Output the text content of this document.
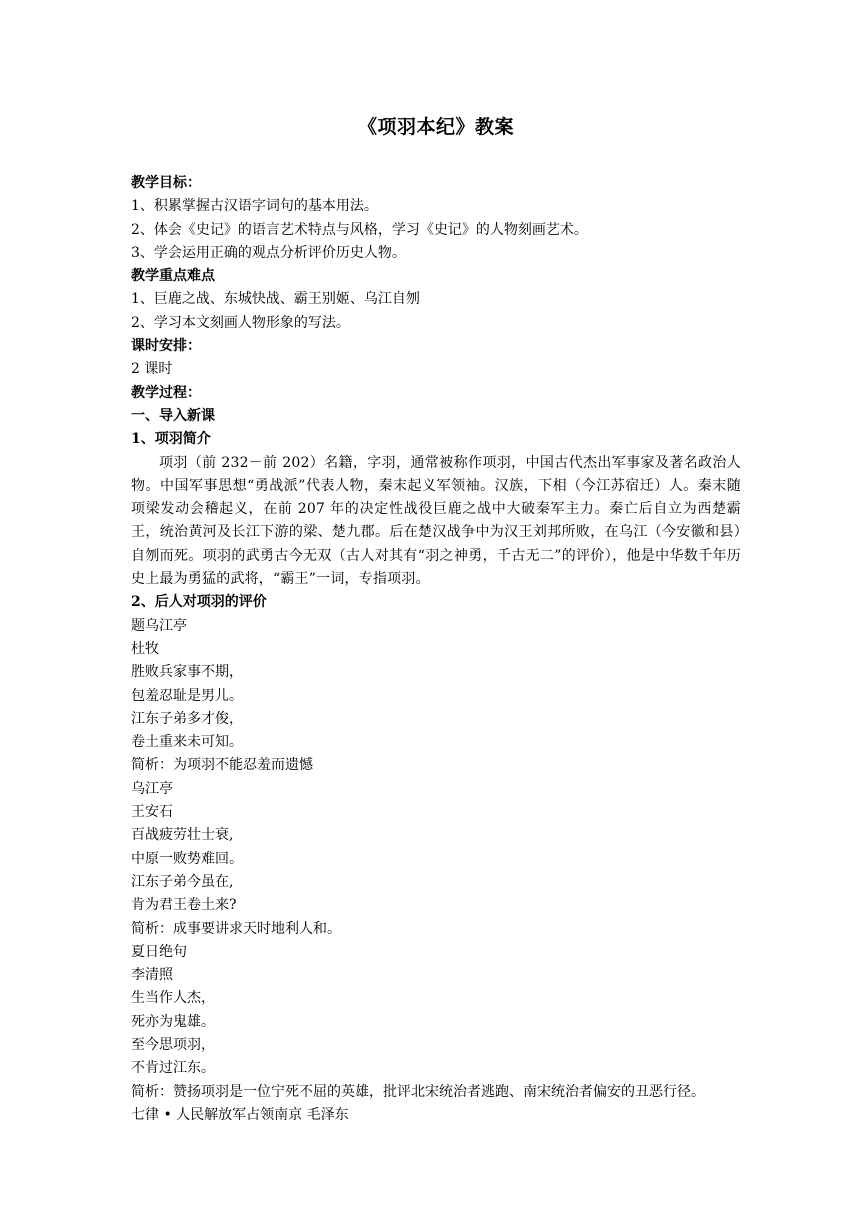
《项羽本纪》教案
教学目标：
1、积累掌握古汉语字词句的基本用法。
2、体会《史记》的语言艺术特点与风格，学习《史记》的人物刻画艺术。
3、学会运用正确的观点分析评价历史人物。
教学重点难点
1、巨鹿之战、东城快战、霸王别姬、乌江自刎
2、学习本文刻画人物形象的写法。
课时安排：
2 课时
教学过程：
一、导入新课
1、项羽简介

项羽（前 232－前 202）名籍，字羽，通常被称作项羽，中国古代杰出军事家及著名政治人物。中国军事思想“勇战派”代表人物，秦末起义军领袖。汉族，下相（今江苏宿迁）人。秦末随项梁发动会稽起义，在前 207 年的决定性战役巨鹿之战中大破秦军主力。秦亡后自立为西楚霸王，统治黄河及长江下游的梁、楚九郡。后在楚汉战争中为汉王刘邦所败，在乌江（今安徽和县）自刎而死。项羽的武勇古今无双（古人对其有“羽之神勇，千古无二”的评价），他是中华数千年历史上最为勇猛的武将，“霸王”一词，专指项羽。

2、后人对项羽的评价
题乌江亭
杜牧
胜败兵家事不期，
包羞忍耻是男儿。
江东子弟多才俊，
卷土重来未可知。
简析：为项羽不能忍羞而遗憾
乌江亭
王安石
百战疲劳壮士衰,
中原一败势难回。
江东子弟今虽在,
肯为君王卷土来?
简析：成事要讲求天时地利人和。
夏日绝句
李清照
生当作人杰，
死亦为鬼雄。
至今思项羽，
不肯过江东。
简析：赞扬项羽是一位宁死不屈的英雄，批评北宋统治者逃跑、南宋统治者偏安的丑恶行径。
七律 • 人民解放军占领南京 毛泽东
